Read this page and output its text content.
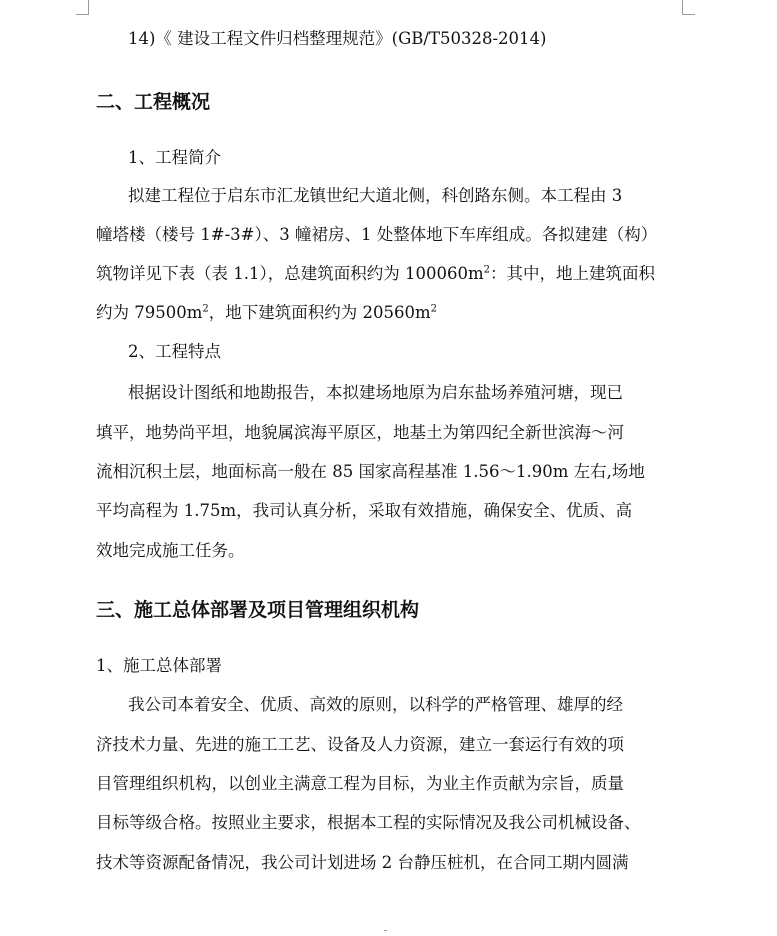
14)《 建设工程文件归档整理规范》(GB/T50328-2014)

二、工程概况

1、工程简介

拟建工程位于启东市汇龙镇世纪大道北侧，科创路东侧。本工程由 3
幢塔楼（楼号 1#-3#）、3 幢裙房、1 处整体地下车库组成。各拟建建（构）
筑物详见下表（表 1.1），总建筑面积约为 $100060m^2$：其中，地上建筑面积
约为 $79500m^2$，地下建筑面积约为 $20560m^2$

2、工程特点

根据设计图纸和地勘报告，本拟建场地原为启东盐场养殖河塘，现已
填平，地势尚平坦，地貌属滨海平原区，地基土为第四纪全新世滨海～河
流相沉积土层，地面标高一般在 85 国家高程基准 1.56～1.90m 左右,场地
平均高程为 1.75m，我司认真分析，采取有效措施，确保安全、优质、高
效地完成施工任务。
三、施工总体部署及项目管理组织机构

1、施工总体部署

我公司本着安全、优质、高效的原则，以科学的严格管理、雄厚的经
济技术力量、先进的施工工艺、设备及人力资源，建立一套运行有效的项
目管理组织机构，以创业主满意工程为目标，为业主作贡献为宗旨，质量
目标等级合格。按照业主要求，根据本工程的实际情况及我公司机械设备、
技术等资源配备情况，我公司计划进场 2 台静压桩机，在合同工期内圆满
